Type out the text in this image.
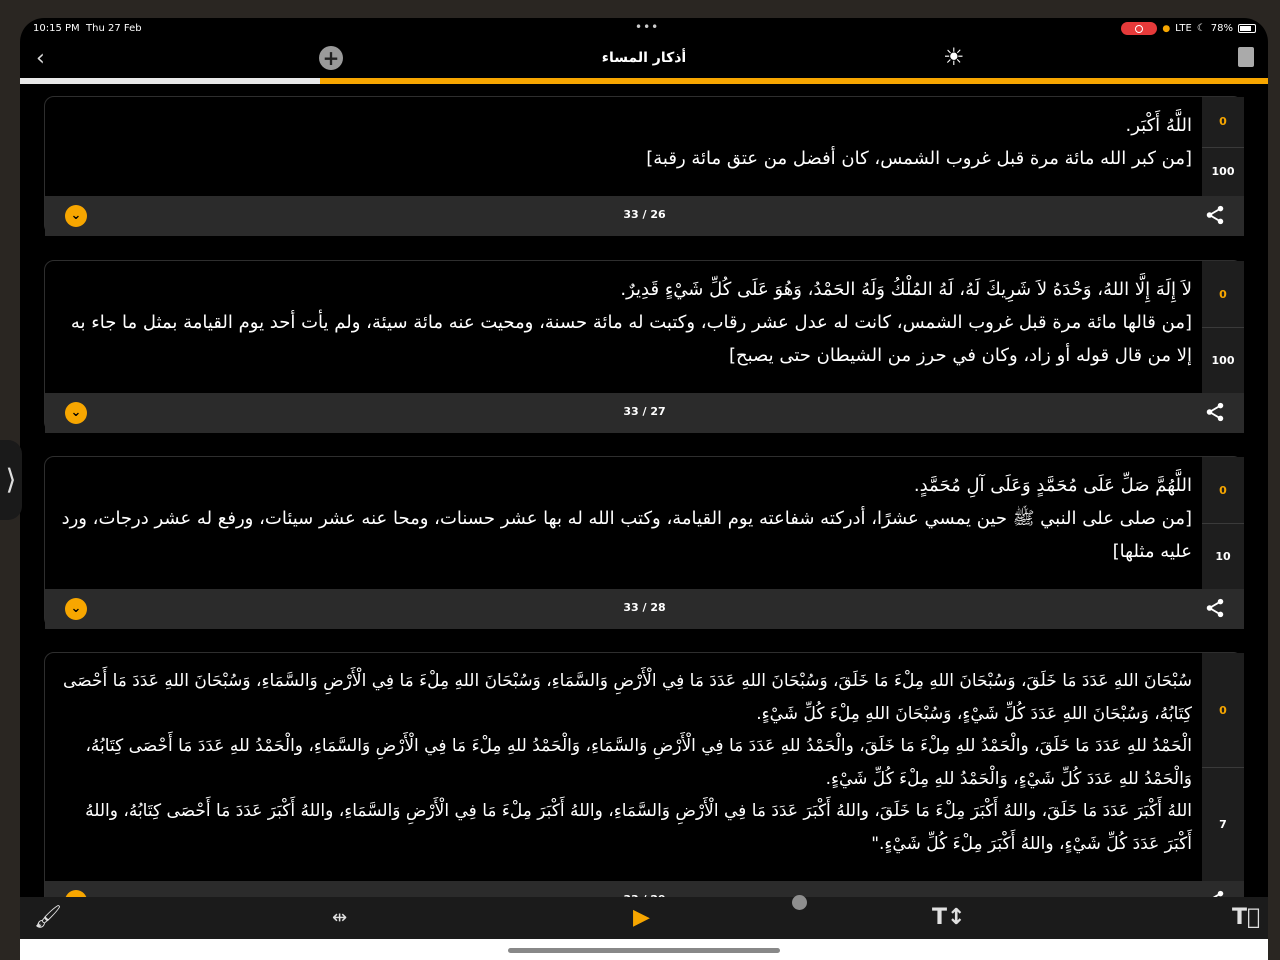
10:15 PM Thu 27 Feb	•••	● LTE ☾ 78%
‹	+	أذكار المساء	☀
اللَّهُ أَكْبَر.
[من كبر الله مائة مرة قبل غروب الشمس، كان أفضل من عتق مائة رقبة]
0
100
⌄	33 / 26
لاَ إِلَهَ إِلَّا اللهُ، وَحْدَهُ لاَ شَرِيكَ لَهُ، لَهُ المُلْكُ وَلَهُ الحَمْدُ، وَهُوَ عَلَى كُلِّ شَيْءٍ قَدِيرٌ.
[من قالها مائة مرة قبل غروب الشمس، كانت له عدل عشر رقاب، وكتبت له مائة حسنة، ومحيت عنه مائة سيئة، ولم يأت أحد يوم القيامة بمثل ما جاء به إلا من قال قوله أو زاد، وكان في حرز من الشيطان حتى يصبح]
0
100
⌄	33 / 27
اللَّهُمَّ صَلِّ عَلَى مُحَمَّدٍ وَعَلَى آلِ مُحَمَّدٍ.
[من صلى على النبي ﷺ حين يمسي عشرًا، أدركته شفاعته يوم القيامة، وكتب الله له بها عشر حسنات، ومحا عنه عشر سيئات، ورفع له عشر درجات، ورد عليه مثلها]
0
10
⌄	33 / 28
سُبْحَانَ اللهِ عَدَدَ مَا خَلَقَ، وَسُبْحَانَ اللهِ مِلْءَ مَا خَلَقَ، وَسُبْحَانَ اللهِ عَدَدَ مَا فِي الْأَرْضِ وَالسَّمَاءِ، وَسُبْحَانَ اللهِ مِلْءَ مَا فِي الْأَرْضِ وَالسَّمَاءِ، وَسُبْحَانَ اللهِ عَدَدَ مَا أَحْصَى كِتَابُهُ، وَسُبْحَانَ اللهِ عَدَدَ كُلِّ شَيْءٍ، وَسُبْحَانَ اللهِ مِلْءَ كُلِّ شَيْءٍ.
الْحَمْدُ للهِ عَدَدَ مَا خَلَقَ، والْحَمْدُ للهِ مِلْءَ مَا خَلَقَ، والْحَمْدُ للهِ عَدَدَ مَا فِي الْأَرْضِ وَالسَّمَاءِ، وَالْحَمْدُ للهِ مِلْءَ مَا فِي الْأَرْضِ وَالسَّمَاءِ، والْحَمْدُ للهِ عَدَدَ مَا أَحْصَى كِتَابُهُ، وَالْحَمْدُ للهِ عَدَدَ كُلِّ شَيْءٍ، وَالْحَمْدُ للهِ مِلْءَ كُلِّ شَيْءٍ.
اللهُ أَكْبَرَ عَدَدَ مَا خَلَقَ، واللهُ أَكْبَرَ مِلْءَ مَا خَلَقَ، واللهُ أَكْبَرَ عَدَدَ مَا فِي الْأَرْضِ وَالسَّمَاءِ، واللهُ أَكْبَرَ مِلْءَ مَا فِي الْأَرْضِ وَالسَّمَاءِ، واللهُ أَكْبَرَ عَدَدَ مَا أَحْصَى كِتَابُهُ، واللهُ أَكْبَرَ عَدَدَ كُلِّ شَيْءٍ، واللهُ أَكْبَرَ مِلْءَ كُلِّ شَيْءٍ."
0
7
🖌	⇹	▶	T↕	T⃞
⟩
